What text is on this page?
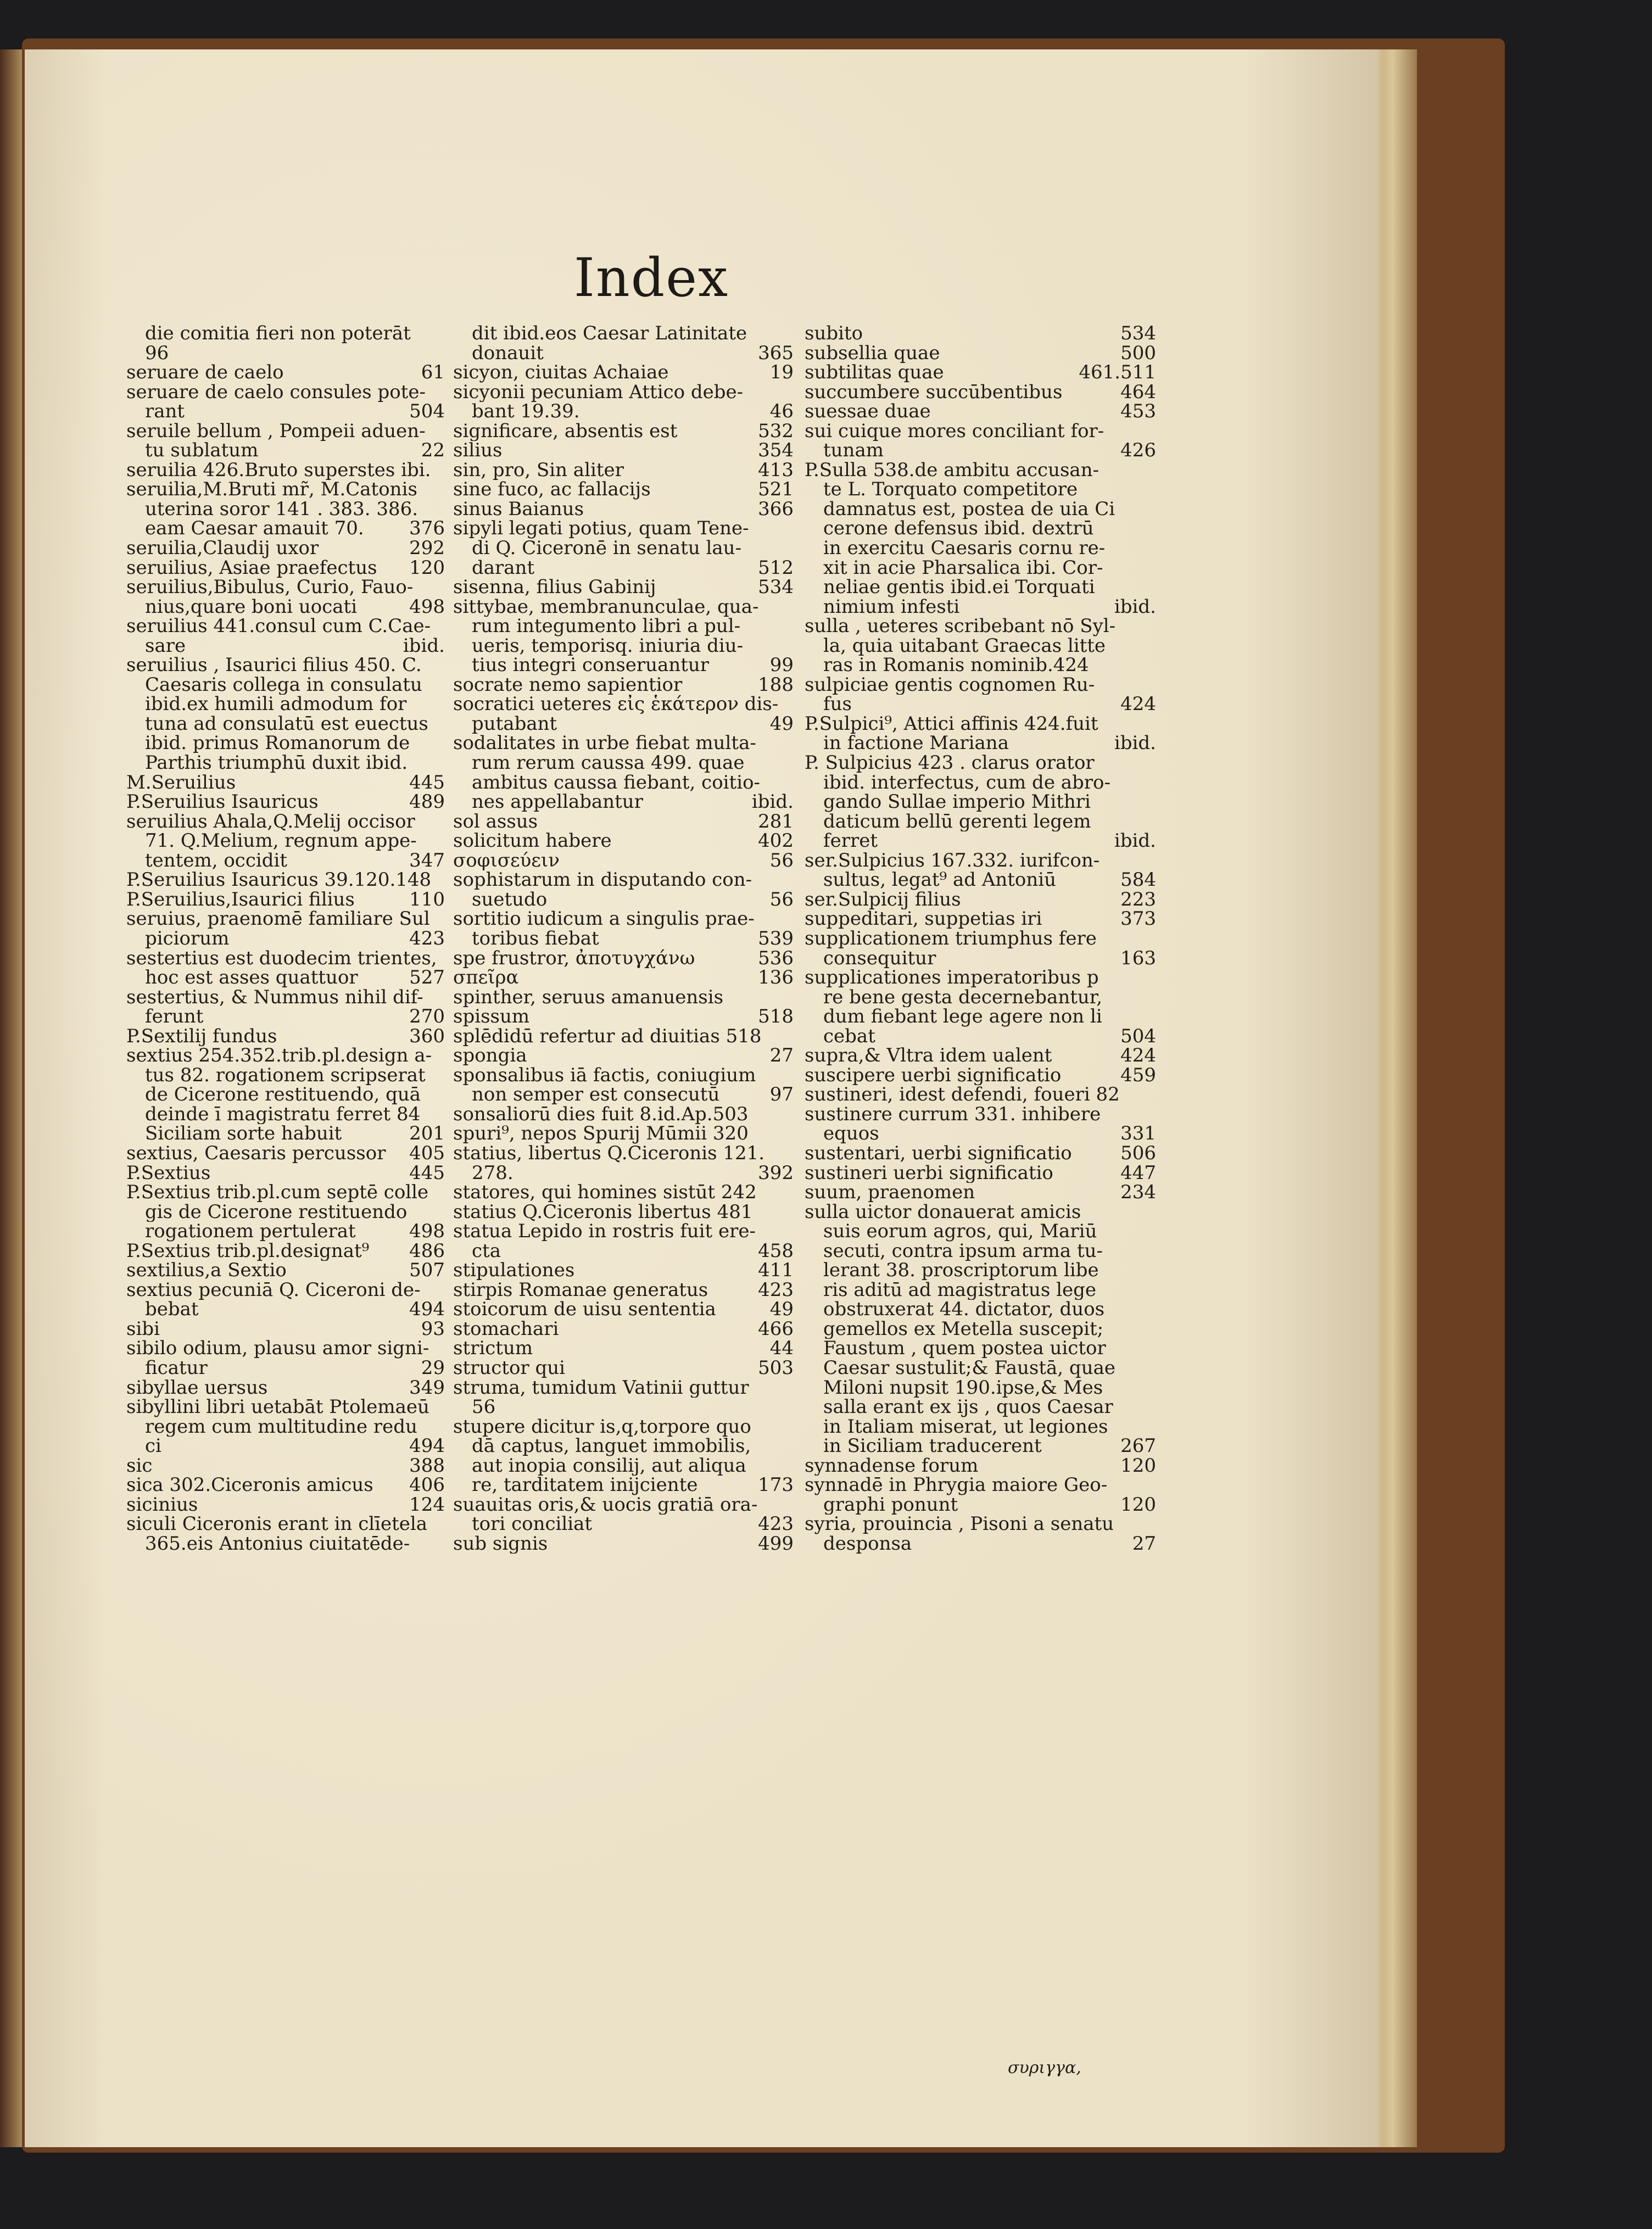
Index
die comitia fieri non poterāt
96
seruare de caelo	61
seruare de caelo consules pote-
rant	504
seruile bellum , Pompeii aduen-
tu sublatum	22
seruilia 426.Bruto superstes ibi.
seruilia,M.Bruti mr̃, M.Catonis
uterina soror 141 . 383. 386.
eam Caesar amauit 70. 376
seruilia,Claudij uxor	292
seruilius, Asiae praefectus 120
seruilius,Bibulus, Curio, Fauo-
nius,quare boni uocati	498
seruilius 441.consul cum C.Cae-
sare	ibid.
seruilius , Isaurici filius 450. C.
Caesaris collega in consulatu
ibid.ex humili admodum for
tuna ad consulatū est euectus
ibid. primus Romanorum de
Parthis triumphū duxit ibid.
M.Seruilius	445
P.Seruilius Isauricus	489
seruilius Ahala,Q.Melij occisor
71. Q.Melium, regnum appe-
tentem, occidit	347
P.Seruilius Isauricus 39.120.148
P.Seruilius,Isaurici filius	110
seruius, praenomē familiare Sul
piciorum	423
sestertius est duodecim trientes,
hoc est asses quattuor	527
sestertius, & Nummus nihil dif-
ferunt	270
P.Sextilij fundus	360
sextius 254.352.trib.pl.design a-
tus 82. rogationem scripserat
de Cicerone restituendo, quā
deinde ī magistratu ferret 84
Siciliam sorte habuit	201
sextius, Caesaris percussor 405
P.Sextius	445
P.Sextius trib.pl.cum septē colle
gis de Cicerone restituendo
rogationem pertulerat	498
P.Sextius trib.pl.designat⁹ 486
sextilius,a Sextio	507
sextius pecuniā Q. Ciceroni de-
bebat	494
sibi	93
sibilo odium, plausu amor signi-
ficatur	29
sibyllae uersus	349
sibyllini libri uetabāt Ptolemaeū
regem cum multitudine redu
ci	494
sic	388
sica 302.Ciceronis amicus 406
sicinius	124
siculi Ciceronis erant in clīetela
365.eis Antonius ciuitatēde-
dit ibid.eos Caesar Latinitate
donauit	365
sicyon, ciuitas Achaiae	19
sicyonii pecuniam Attico debe-
bant 19.39.	46
significare, absentis est	532
silius	354
sin, pro, Sin aliter	413
sine fuco, ac fallacijs	521
sinus Baianus	366
sipyli legati potius, quam Tene-
di Q. Ciceronē in senatu lau-
darant	512
sisenna, filius Gabinij	534
sittybae, membranunculae, qua-
rum integumento libri a pul-
ueris, temporisq. iniuria diu-
tius integri conseruantur	99
socrate nemo sapientior	188
socratici ueteres εἰς ἑκάτερον dis-
putabant	49
sodalitates in urbe fiebat multa-
rum rerum caussa 499. quae
ambitus caussa fiebant, coitio-
nes appellabantur	ibid.
sol assus	281
solicitum habere	402
σοφισεύειν	56
sophistarum in disputando con-
suetudo	56
sortitio iudicum a singulis prae-
toribus fiebat	539
spe frustror, ἀποτυγχάνω	536
σπεῖρα	136
spinther, seruus amanuensis
spissum	518
splēdidū refertur ad diuitias 518
spongia	27
sponsalibus iā factis, coniugium
non semper est consecutū	97
sonsaliorū dies fuit 8.id.Ap.503
spuri⁹, nepos Spurij Mūmii 320
statius, libertus Q.Ciceronis 121.
278.	392
statores, qui homines sistūt 242
statius Q.Ciceronis libertus 481
statua Lepido in rostris fuit ere-
cta	458
stipulationes	411
stirpis Romanae generatus	423
stoicorum de uisu sententia	49
stomachari	466
strictum	44
structor qui	503
struma, tumidum Vatinii guttur
56
stupere dicitur is,q,torpore quo
dā captus, languet immobilis,
aut inopia consilij, aut aliqua
re, tarditatem inijciente	173
suauitas oris,& uocis gratiā ora-
tori conciliat	423
sub signis	499
subito	534
subsellia quae	500
subtilitas quae	461.511
succumbere succūbentibus	464
suessae duae	453
sui cuique mores conciliant for-
tunam	426
P.Sulla 538.de ambitu accusan-
te L. Torquato competitore
damnatus est, postea de uia Ci
cerone defensus ibid. dextrū
in exercitu Caesaris cornu re-
xit in acie Pharsalica ibi. Cor-
neliae gentis ibid.ei Torquati
nimium infesti	ibid.
sulla , ueteres scribebant nō Syl-
la, quia uitabant Graecas litte
ras in Romanis nominib.424
sulpiciae gentis cognomen Ru-
fus	424
P.Sulpici⁹, Attici affinis 424.fuit
in factione Mariana	ibid.
P. Sulpicius 423 . clarus orator
ibid. interfectus, cum de abro-
gando Sullae imperio Mithri
daticum bellū gerenti legem
ferret	ibid.
ser.Sulpicius 167.332. iurifcon-
sultus, legat⁹ ad Antoniū	584
ser.Sulpicij filius	223
suppeditari, suppetias iri	373
supplicationem triumphus fere
consequitur	163
supplicationes imperatoribus p
re bene gesta decernebantur,
dum fiebant lege agere non li
cebat	504
supra,& Vltra idem ualent	424
suscipere uerbi significatio	459
sustineri, idest defendi, foueri 82
sustinere currum 331. inhibere
equos	331
sustentari, uerbi significatio	506
sustineri uerbi significatio	447
suum, praenomen	234
sulla uictor donauerat amicis
suis eorum agros, qui, Mariū
secuti, contra ipsum arma tu-
lerant 38. proscriptorum libe
ris aditū ad magistratus lege
obstruxerat 44. dictator, duos
gemellos ex Metella suscepit;
Faustum , quem postea uictor
Caesar sustulit;& Faustā, quae
Miloni nupsit 190.ipse,& Mes
salla erant ex ijs , quos Caesar
in Italiam miserat, ut legiones
in Siciliam traducerent	267
synnadense forum	120
synnadē in Phrygia maiore Geo-
graphi ponunt	120
syria, prouincia , Pisoni a senatu
desponsa	27
συριγγα,
